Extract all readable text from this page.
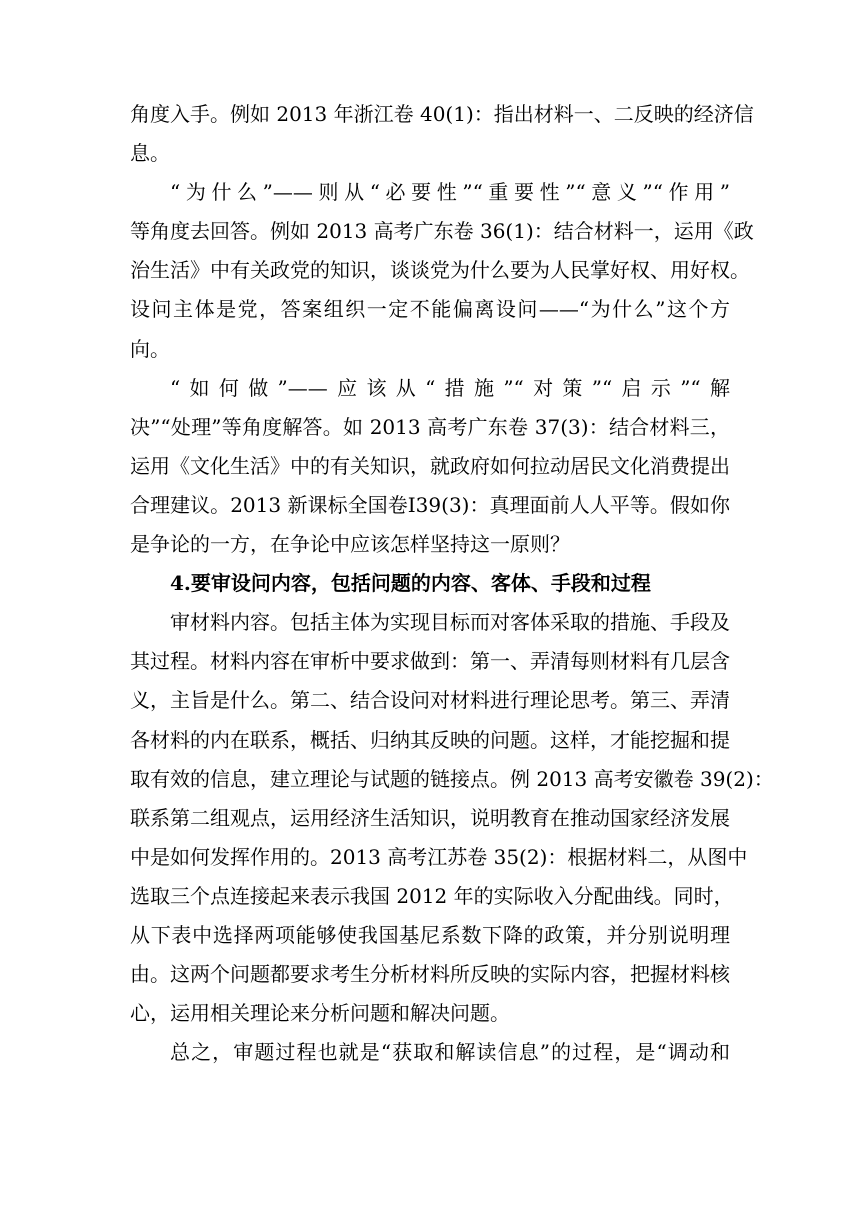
角度入手。例如 2013 年浙江卷 40(1)：指出材料一、二反映的经济信
息。
“为什么”——则从“必要性”“重要性”“意义”“作用”
等角度去回答。例如 2013 高考广东卷 36(1)：结合材料一，运用《政
治生活》中有关政党的知识，谈谈党为什么要为人民掌好权、用好权。
设问主体是党，答案组织一定不能偏离设问——“为什么”这个方
向。
“如何做”——应该从“措施”“对策”“启示”“解
决”“处理”等角度解答。如 2013 高考广东卷 37(3)：结合材料三，
运用《文化生活》中的有关知识，就政府如何拉动居民文化消费提出
合理建议。2013 新课标全国卷Ⅰ39(3)：真理面前人人平等。假如你
是争论的一方，在争论中应该怎样坚持这一原则？
4.要审设问内容，包括问题的内容、客体、手段和过程
审材料内容。包括主体为实现目标而对客体采取的措施、手段及
其过程。材料内容在审析中要求做到：第一、弄清每则材料有几层含
义，主旨是什么。第二、结合设问对材料进行理论思考。第三、弄清
各材料的内在联系，概括、归纳其反映的问题。这样，才能挖掘和提
取有效的信息，建立理论与试题的链接点。例 2013 高考安徽卷 39(2)：
联系第二组观点，运用经济生活知识，说明教育在推动国家经济发展
中是如何发挥作用的。2013 高考江苏卷 35(2)：根据材料二，从图中
选取三个点连接起来表示我国 2012 年的实际收入分配曲线。同时，
从下表中选择两项能够使我国基尼系数下降的政策，并分别说明理
由。这两个问题都要求考生分析材料所反映的实际内容，把握材料核
心，运用相关理论来分析问题和解决问题。
总之，审题过程也就是“获取和解读信息”的过程，是“调动和
